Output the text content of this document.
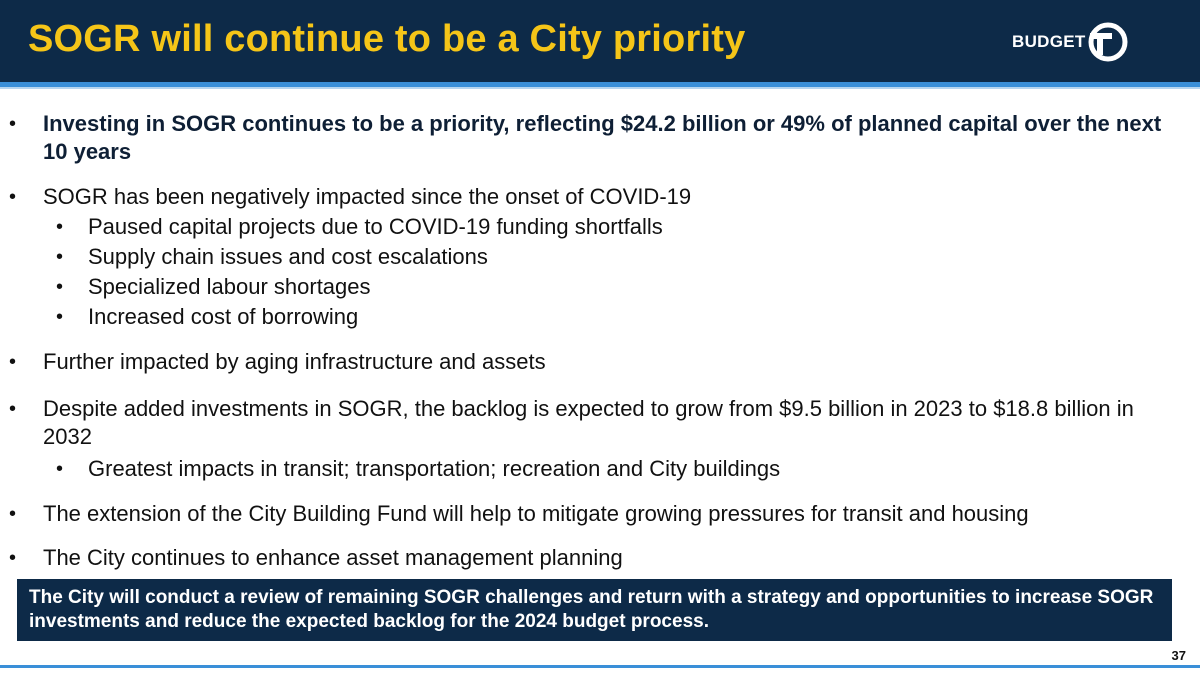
SOGR will continue to be a City priority	BUDGET
• Investing in SOGR continues to be a priority, reflecting $24.2 billion or 49% of planned capital over the next 10 years
• SOGR has been negatively impacted since the onset of COVID-19
• Paused capital projects due to COVID-19 funding shortfalls
• Supply chain issues and cost escalations
• Specialized labour shortages
• Increased cost of borrowing
• Further impacted by aging infrastructure and assets
• Despite added investments in SOGR, the backlog is expected to grow from $9.5 billion in 2023 to $18.8 billion in 2032
• Greatest impacts in transit; transportation; recreation and City buildings
• The extension of the City Building Fund will help to mitigate growing pressures for transit and housing
• The City continues to enhance asset management planning
The City will conduct a review of remaining SOGR challenges and return with a strategy and opportunities to increase SOGR investments and reduce the expected backlog for the 2024 budget process.
37
